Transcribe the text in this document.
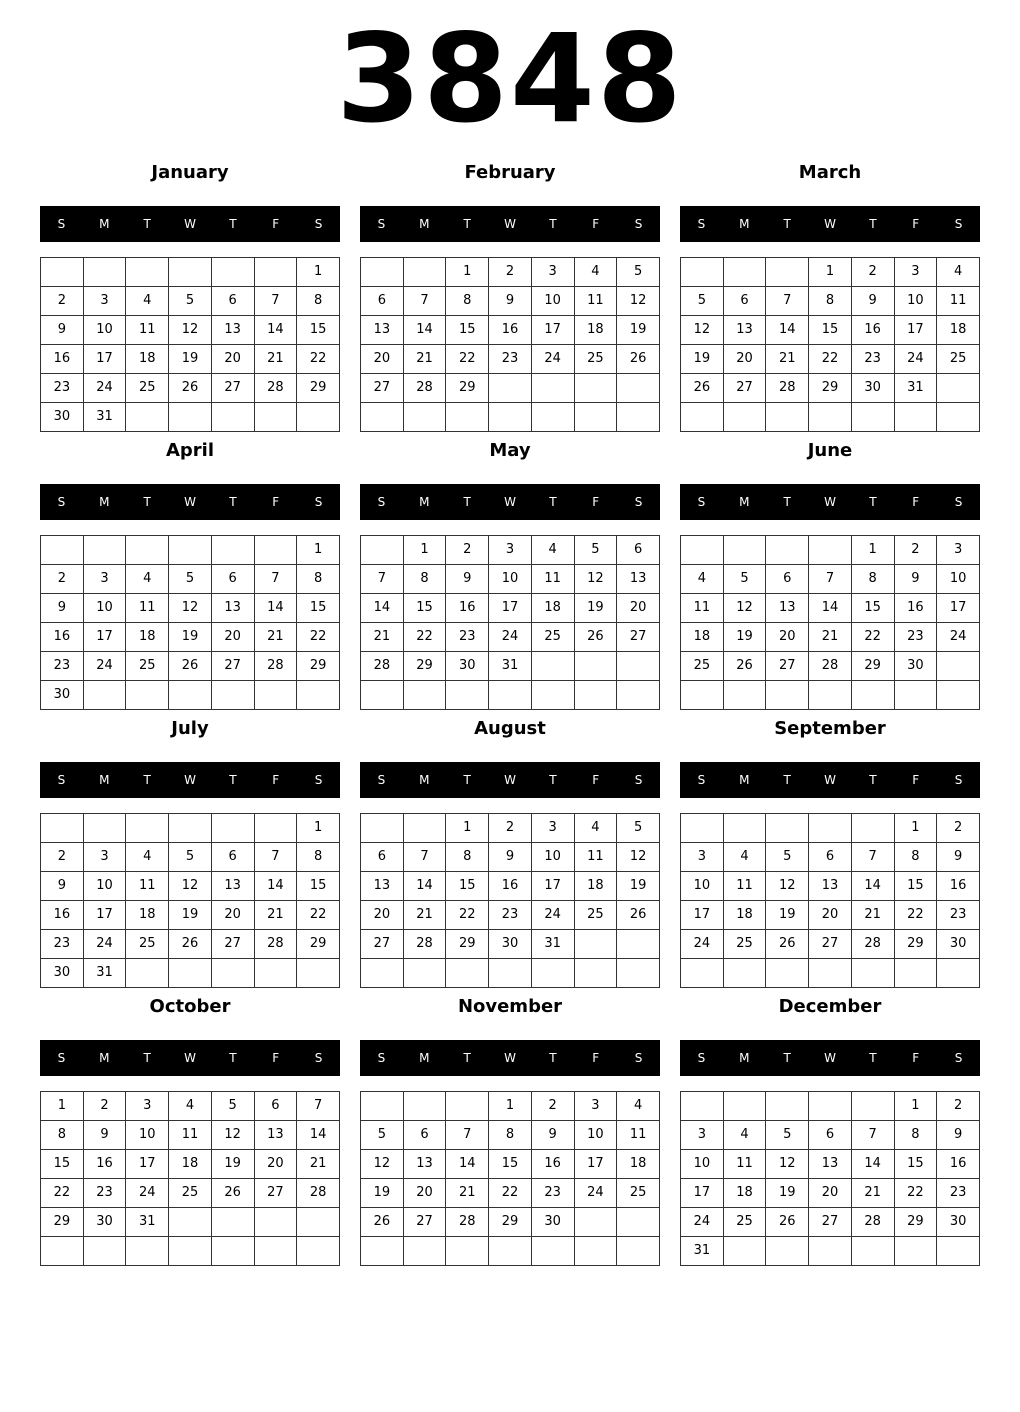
3848
January
S	M	T	W	T	F	S
						1
2	3	4	5	6	7	8
9	10	11	12	13	14	15
16	17	18	19	20	21	22
23	24	25	26	27	28	29
30	31					
February
S	M	T	W	T	F	S
		1	2	3	4	5
6	7	8	9	10	11	12
13	14	15	16	17	18	19
20	21	22	23	24	25	26
27	28	29				

March
S	M	T	W	T	F	S
			1	2	3	4
5	6	7	8	9	10	11
12	13	14	15	16	17	18
19	20	21	22	23	24	25
26	27	28	29	30	31	

April
S	M	T	W	T	F	S
						1
2	3	4	5	6	7	8
9	10	11	12	13	14	15
16	17	18	19	20	21	22
23	24	25	26	27	28	29
30						
May
S	M	T	W	T	F	S
	1	2	3	4	5	6
7	8	9	10	11	12	13
14	15	16	17	18	19	20
21	22	23	24	25	26	27
28	29	30	31			

June
S	M	T	W	T	F	S
				1	2	3
4	5	6	7	8	9	10
11	12	13	14	15	16	17
18	19	20	21	22	23	24
25	26	27	28	29	30	

July
S	M	T	W	T	F	S
						1
2	3	4	5	6	7	8
9	10	11	12	13	14	15
16	17	18	19	20	21	22
23	24	25	26	27	28	29
30	31					
August
S	M	T	W	T	F	S
		1	2	3	4	5
6	7	8	9	10	11	12
13	14	15	16	17	18	19
20	21	22	23	24	25	26
27	28	29	30	31		

September
S	M	T	W	T	F	S
					1	2
3	4	5	6	7	8	9
10	11	12	13	14	15	16
17	18	19	20	21	22	23
24	25	26	27	28	29	30

October
S	M	T	W	T	F	S
1	2	3	4	5	6	7
8	9	10	11	12	13	14
15	16	17	18	19	20	21
22	23	24	25	26	27	28
29	30	31				

November
S	M	T	W	T	F	S
			1	2	3	4
5	6	7	8	9	10	11
12	13	14	15	16	17	18
19	20	21	22	23	24	25
26	27	28	29	30		

December
S	M	T	W	T	F	S
					1	2
3	4	5	6	7	8	9
10	11	12	13	14	15	16
17	18	19	20	21	22	23
24	25	26	27	28	29	30
31						
